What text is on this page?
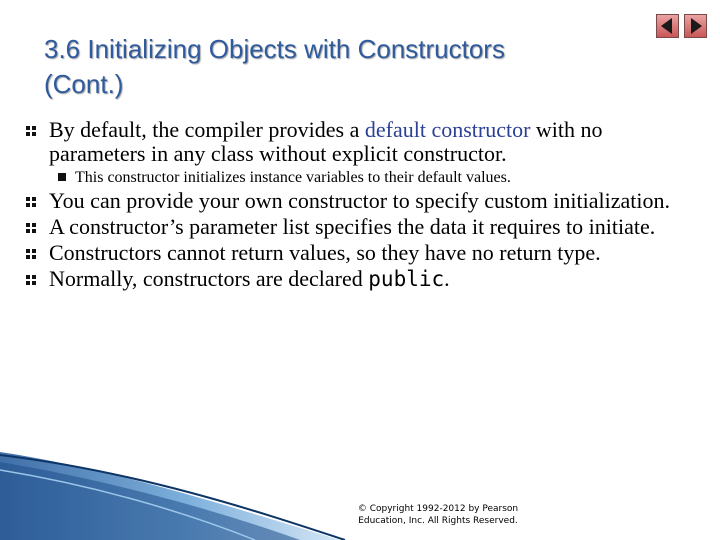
3.6 Initializing Objects with Constructors
(Cont.)
By default, the compiler provides a default constructor with no parameters in any class without explicit constructor.
This constructor initializes instance variables to their default values.
You can provide your own constructor to specify custom initialization.
A constructor’s parameter list specifies the data it requires to initiate.
Constructors cannot return values, so they have no return type.
Normally, constructors are declared public.
© Copyright 1992-2012 by Pearson
Education, Inc. All Rights Reserved.
